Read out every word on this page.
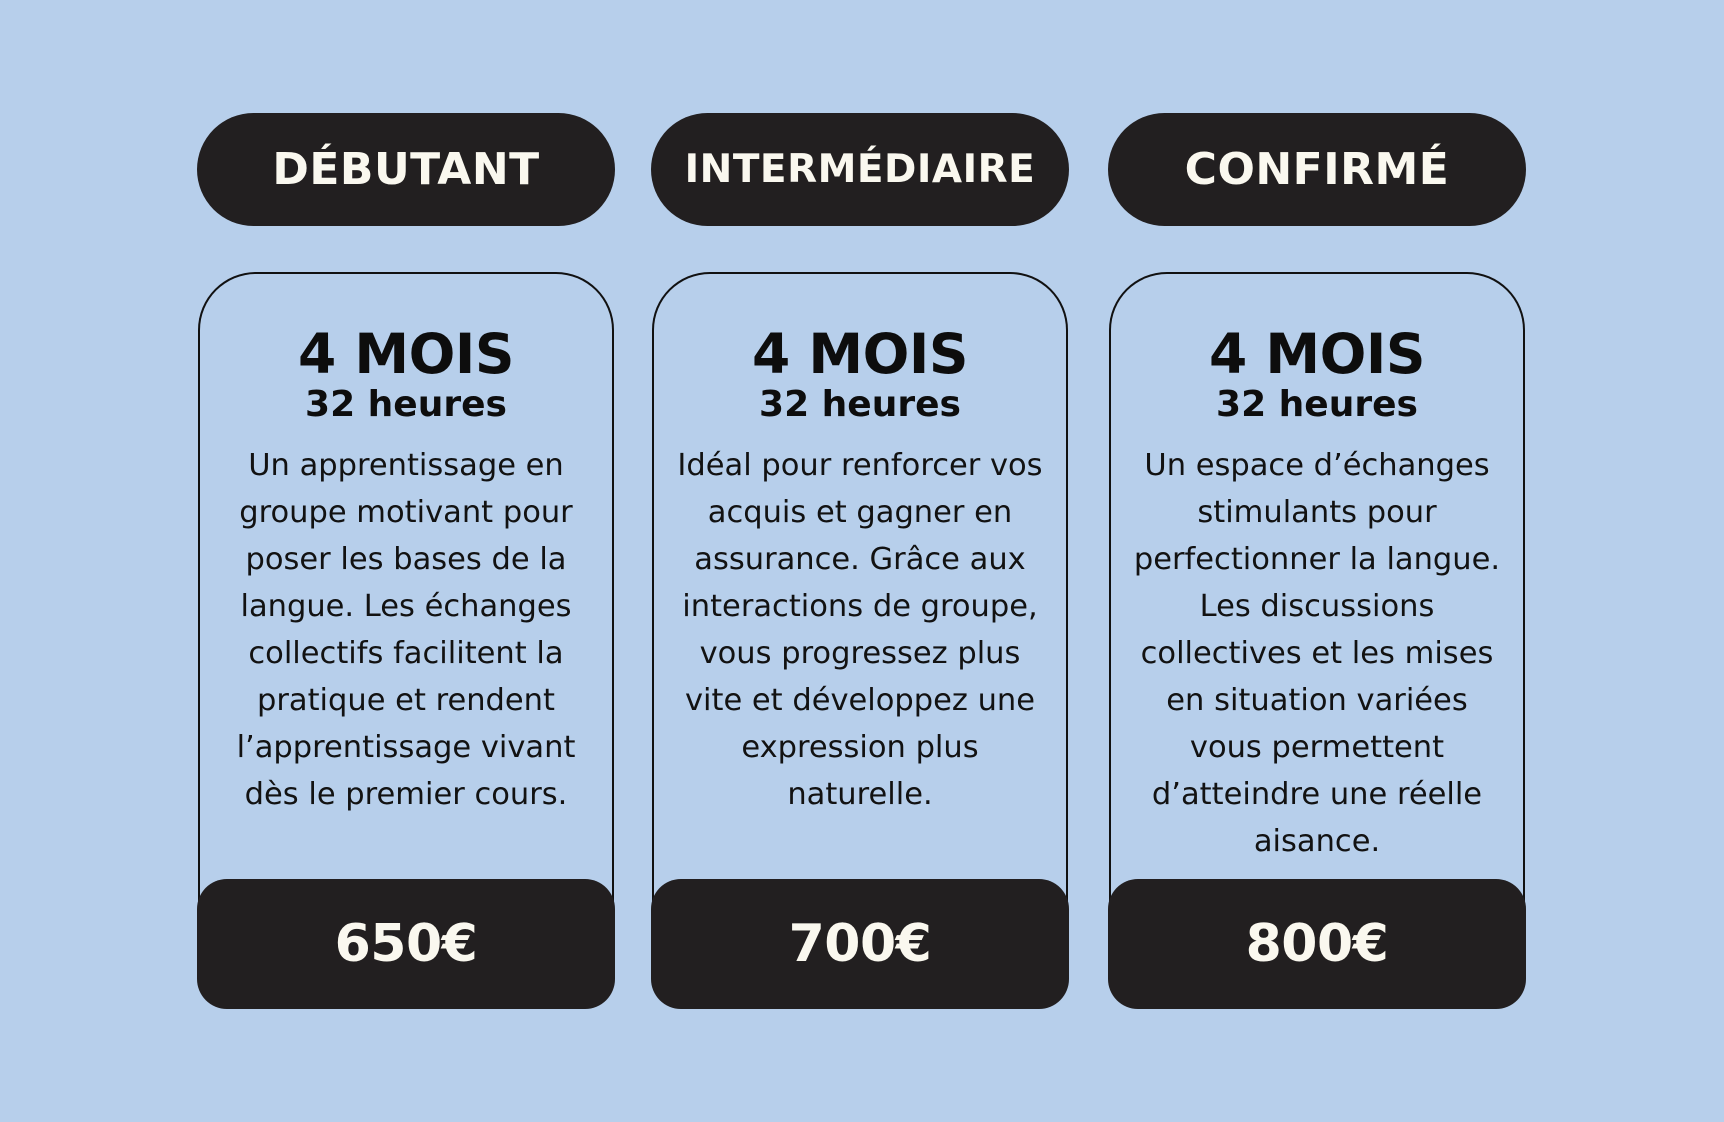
DÉBUTANT
4 MOIS
32 heures
Un apprentissage en groupe motivant pour poser les bases de la langue. Les échanges collectifs facilitent la pratique et rendent l’apprentissage vivant dès le premier cours.
650€
INTERMÉDIAIRE
4 MOIS
32 heures
Idéal pour renforcer vos acquis et gagner en assurance. Grâce aux interactions de groupe, vous progressez plus vite et développez une expression plus naturelle.
700€
CONFIRMÉ
4 MOIS
32 heures
Un espace d’échanges stimulants pour perfectionner la langue. Les discussions collectives et les mises en situation variées vous permettent d’atteindre une réelle aisance.
800€
